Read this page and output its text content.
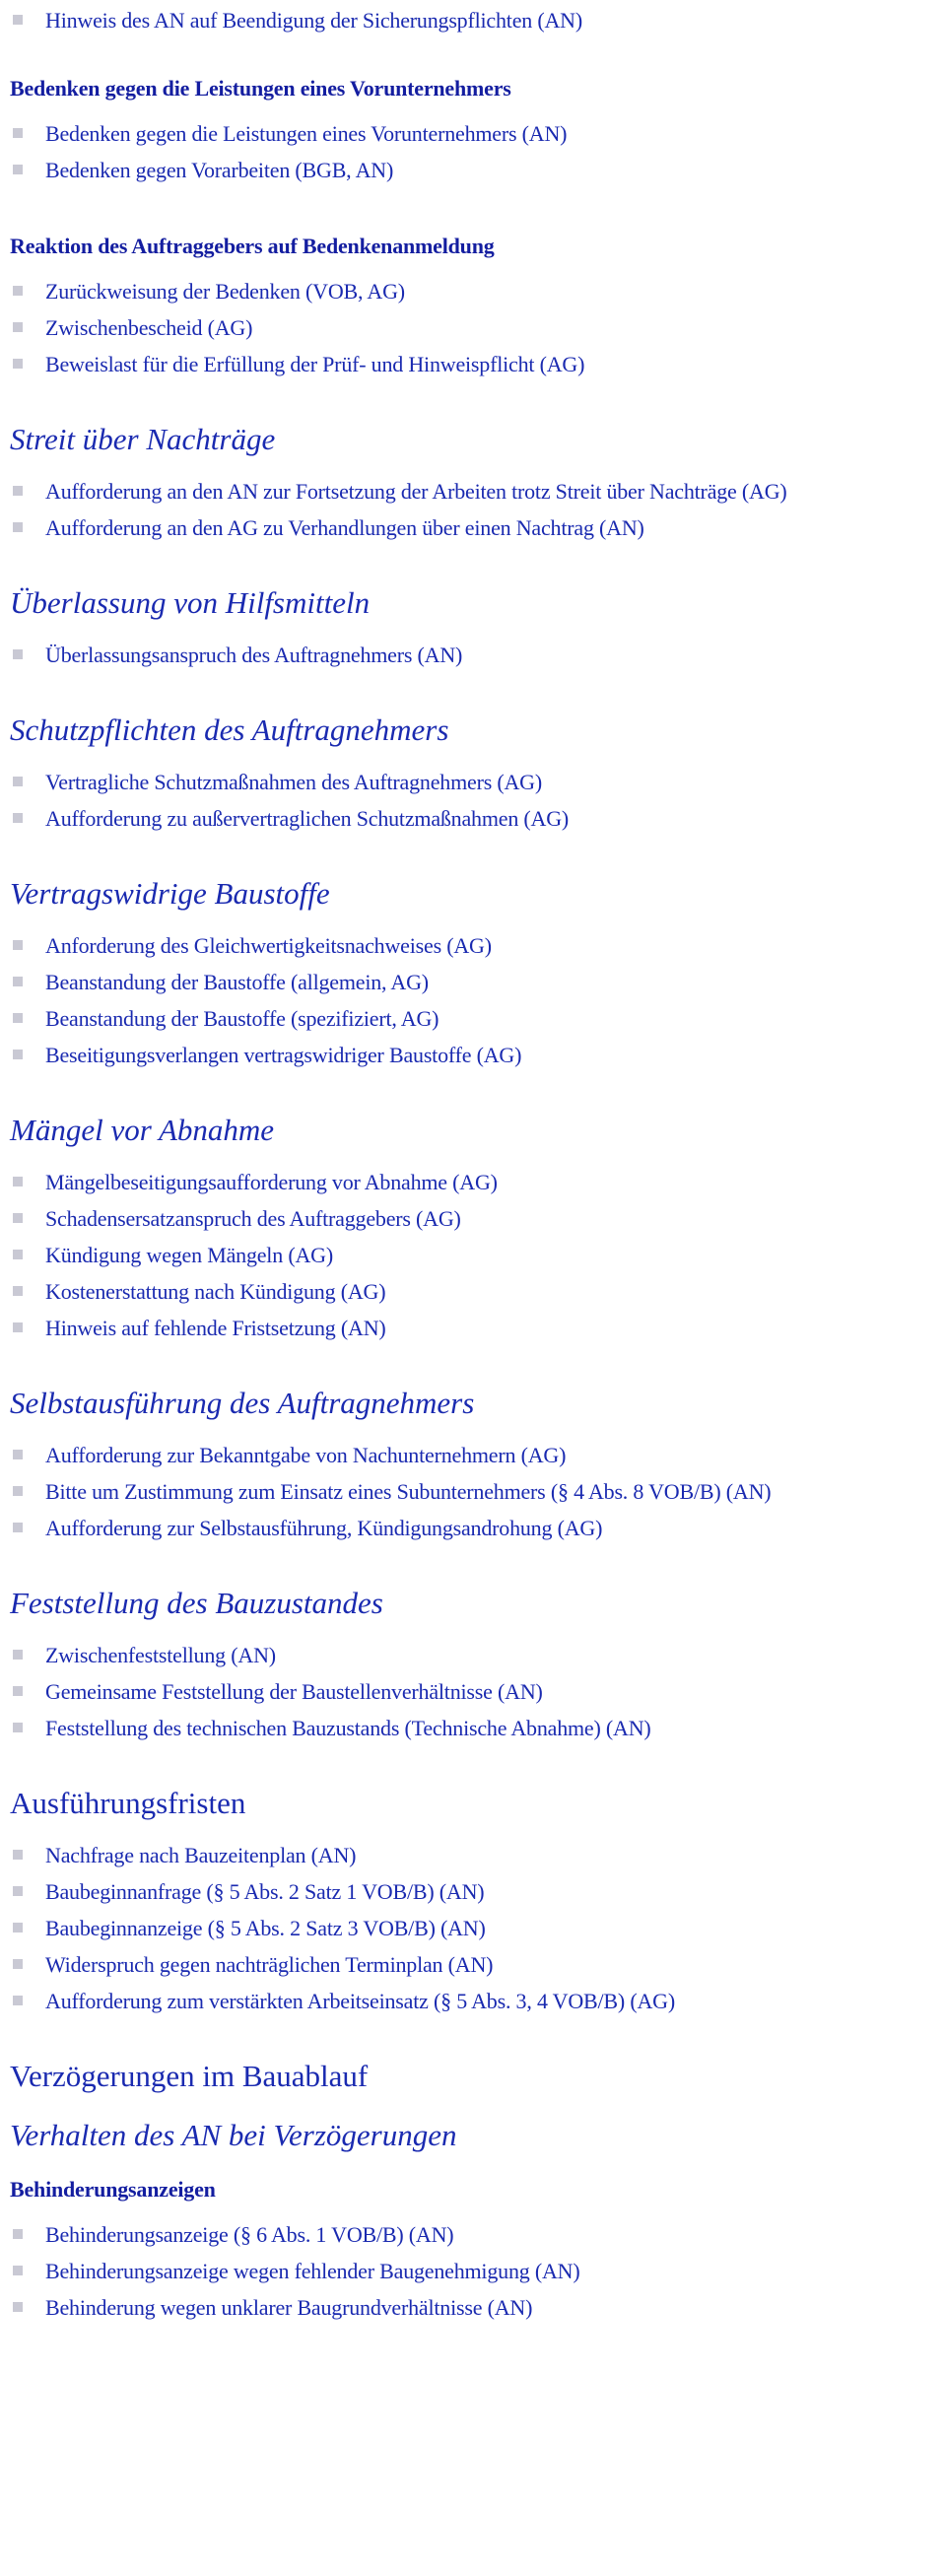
Hinweis des AN auf Beendigung der Sicherungspflichten (AN)
Bedenken gegen die Leistungen eines Vorunternehmers
Bedenken gegen die Leistungen eines Vorunternehmers (AN)
Bedenken gegen Vorarbeiten (BGB, AN)
Reaktion des Auftraggebers auf Bedenkenanmeldung
Zurückweisung der Bedenken (VOB, AG)
Zwischenbescheid (AG)
Beweislast für die Erfüllung der Prüf- und Hinweispflicht (AG)
Streit über Nachträge
Aufforderung an den AN zur Fortsetzung der Arbeiten trotz Streit über Nachträge (AG)
Aufforderung an den AG zu Verhandlungen über einen Nachtrag (AN)
Überlassung von Hilfsmitteln
Überlassungsanspruch des Auftragnehmers (AN)
Schutzpflichten des Auftragnehmers
Vertragliche Schutzmaßnahmen des Auftragnehmers (AG)
Aufforderung zu außervertraglichen Schutzmaßnahmen (AG)
Vertragswidrige Baustoffe
Anforderung des Gleichwertigkeitsnachweises (AG)
Beanstandung der Baustoffe (allgemein, AG)
Beanstandung der Baustoffe (spezifiziert, AG)
Beseitigungsverlangen vertragswidriger Baustoffe (AG)
Mängel vor Abnahme
Mängelbeseitigungsaufforderung vor Abnahme (AG)
Schadensersatzanspruch des Auftraggebers (AG)
Kündigung wegen Mängeln (AG)
Kostenerstattung nach Kündigung (AG)
Hinweis auf fehlende Fristsetzung (AN)
Selbstausführung des Auftragnehmers
Aufforderung zur Bekanntgabe von Nachunternehmern (AG)
Bitte um Zustimmung zum Einsatz eines Subunternehmers (§ 4 Abs. 8 VOB/B) (AN)
Aufforderung zur Selbstausführung, Kündigungsandrohung (AG)
Feststellung des Bauzustandes
Zwischenfeststellung (AN)
Gemeinsame Feststellung der Baustellenverhältnisse (AN)
Feststellung des technischen Bauzustands (Technische Abnahme) (AN)
Ausführungsfristen
Nachfrage nach Bauzeitenplan (AN)
Baubeginnanfrage (§ 5 Abs. 2 Satz 1 VOB/B) (AN)
Baubeginnanzeige (§ 5 Abs. 2 Satz 3 VOB/B) (AN)
Widerspruch gegen nachträglichen Terminplan (AN)
Aufforderung zum verstärkten Arbeitseinsatz (§ 5 Abs. 3, 4 VOB/B) (AG)
Verzögerungen im Bauablauf
Verhalten des AN bei Verzögerungen
Behinderungsanzeigen
Behinderungsanzeige (§ 6 Abs. 1 VOB/B) (AN)
Behinderungsanzeige wegen fehlender Baugenehmigung (AN)
Behinderung wegen unklarer Baugrundverhältnisse (AN)
